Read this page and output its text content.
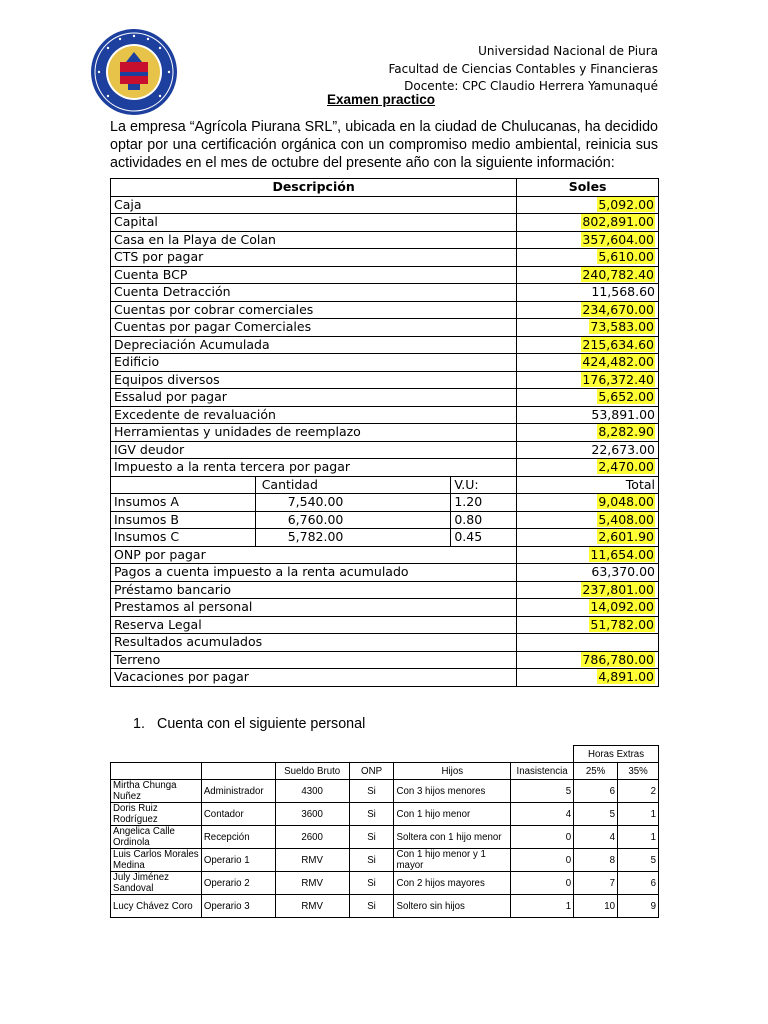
Universidad Nacional de Piura
Facultad de Ciencias Contables y Financieras
Docente: CPC Claudio Herrera Yamunaqué
Examen practico
La empresa “Agrícola Piurana SRL”, ubicada en la ciudad de Chulucanas, ha decidido optar por una certificación orgánica con un compromiso medio ambiental, reinicia sus actividades en el mes de octubre del presente año con la siguiente información:
Descripción			Soles
Caja			5,092.00
Capital			802,891.00
Casa en la Playa de Colan			357,604.00
CTS por pagar			5,610.00
Cuenta BCP			240,782.40
Cuenta Detracción			11,568.60
Cuentas por cobrar comerciales			234,670.00
Cuentas por pagar Comerciales			73,583.00
Depreciación Acumulada			215,634.60
Edificio			424,482.00
Equipos diversos			176,372.40
Essalud por pagar			5,652.00
Excedente de revaluación			53,891.00
Herramientas y unidades de reemplazo			8,282.90
IGV deudor			22,673.00
Impuesto a la renta tercera por pagar			2,470.00
	Cantidad	V.U:	Total
Insumos A	7,540.00	1.20	9,048.00
Insumos B	6,760.00	0.80	5,408.00
Insumos C	5,782.00	0.45	2,601.90
ONP por pagar			11,654.00
Pagos a cuenta impuesto a la renta acumulado			63,370.00
Préstamo bancario			237,801.00
Prestamos al personal			14,092.00
Reserva Legal			51,782.00
Resultados acumulados			
Terreno			786,780.00
Vacaciones por pagar			4,891.00
1. Cuenta con el siguiente personal
						Horas Extras	
		Sueldo Bruto	ONP	Hijos	Inasistencia	25%	35%
Mirtha Chunga Nuñez	Administrador	4300	Si	Con 3 hijos menores	5	6	2
Doris Ruiz Rodríguez	Contador	3600	Si	Con 1 hijo menor	4	5	1
Angelica Calle Ordinola	Recepción	2600	Si	Soltera con 1 hijo menor	0	4	1
Luis Carlos Morales Medina	Operario 1	RMV	Si	Con 1 hijo menor y 1 mayor	0	8	5
July Jiménez Sandoval	Operario 2	RMV	Si	Con 2 hijos mayores	0	7	6
Lucy Chávez Coro	Operario 3	RMV	Si	Soltero sin hijos	1	10	9
